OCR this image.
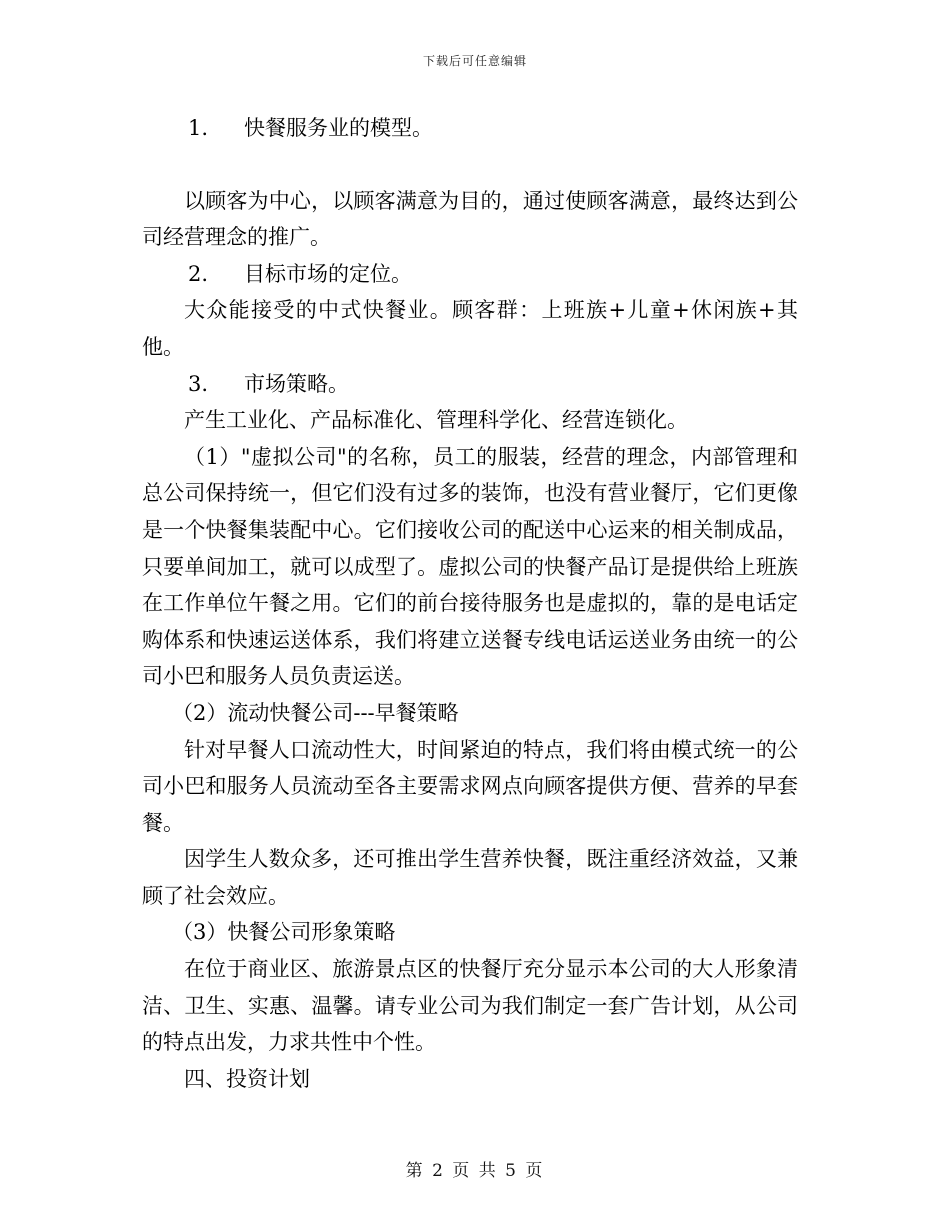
下载后可任意编辑

1. 快餐服务业的模型。

以顾客为中心，以顾客满意为目的，通过使顾客满意，最终达到公司经营理念的推广。

2. 目标市场的定位。

大众能接受的中式快餐业。顾客群：上班族+儿童+休闲族+其他。

3. 市场策略。

产生工业化、产品标准化、管理科学化、经营连锁化。

（1）"虚拟公司"的名称，员工的服装，经营的理念，内部管理和总公司保持统一，但它们没有过多的装饰，也没有营业餐厅，它们更像是一个快餐集装配中心。它们接收公司的配送中心运来的相关制成品，只要单间加工，就可以成型了。虚拟公司的快餐产品订是提供给上班族在工作单位午餐之用。它们的前台接待服务也是虚拟的，靠的是电话定购体系和快速运送体系，我们将建立送餐专线电话运送业务由统一的公司小巴和服务人员负责运送。

（2）流动快餐公司---早餐策略

针对早餐人口流动性大，时间紧迫的特点，我们将由模式统一的公司小巴和服务人员流动至各主要需求网点向顾客提供方便、营养的早套餐。

因学生人数众多，还可推出学生营养快餐，既注重经济效益，又兼顾了社会效应。

（3）快餐公司形象策略

在位于商业区、旅游景点区的快餐厅充分显示本公司的大人形象清洁、卫生、实惠、温馨。请专业公司为我们制定一套广告计划，从公司的特点出发，力求共性中个性。

四、投资计划

第 2 页 共 5 页
